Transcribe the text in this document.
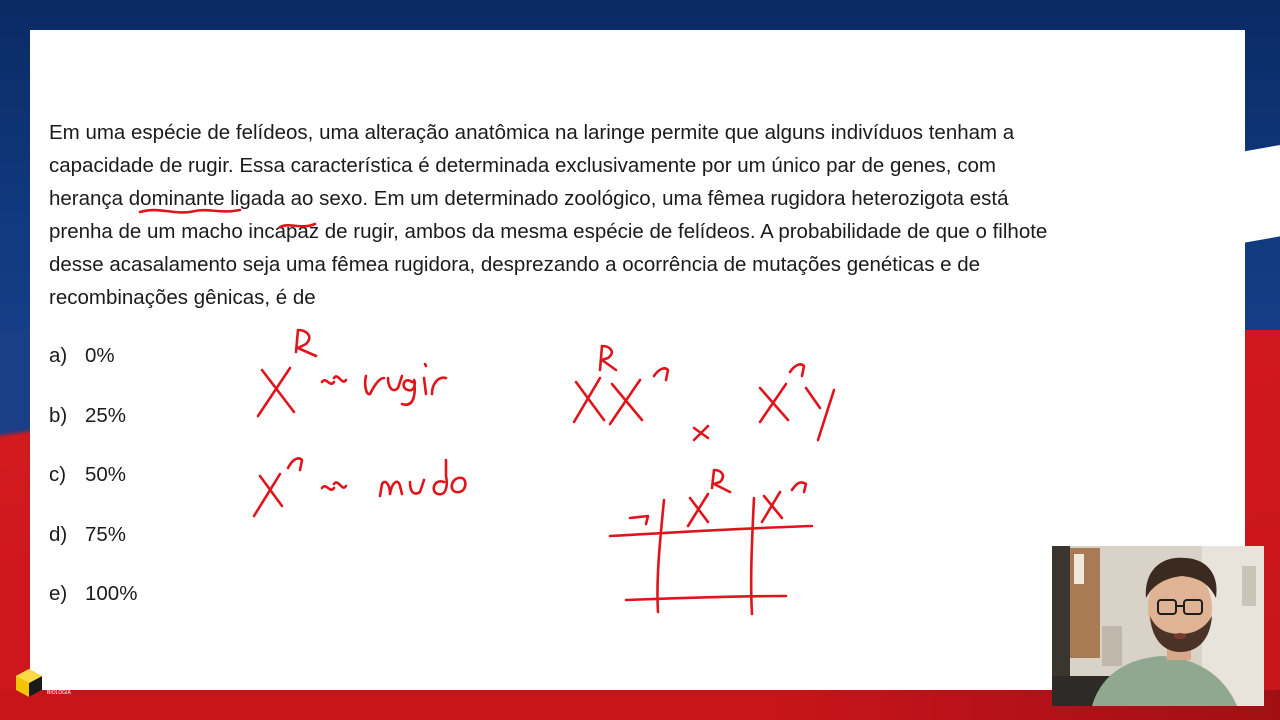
Em uma espécie de felídeos, uma alteração anatômica na laringe permite que alguns indivíduos tenham a
capacidade de rugir. Essa característica é determinada exclusivamente por um único par de genes, com
herança dominante ligada ao sexo. Em um determinado zoológico, uma fêmea rugidora heterozigota está
prenha de um macho incapaz de rugir, ambos da mesma espécie de felídeos. A probabilidade de que o filhote
desse acasalamento seja uma fêmea rugidora, desprezando a ocorrência de mutações genéticas e de
recombinações gênicas, é de
a) 0%
b) 25%
c) 50%
d) 75%
e) 100%
RUMO AO
ESTUDOS
BIOLOGIA
